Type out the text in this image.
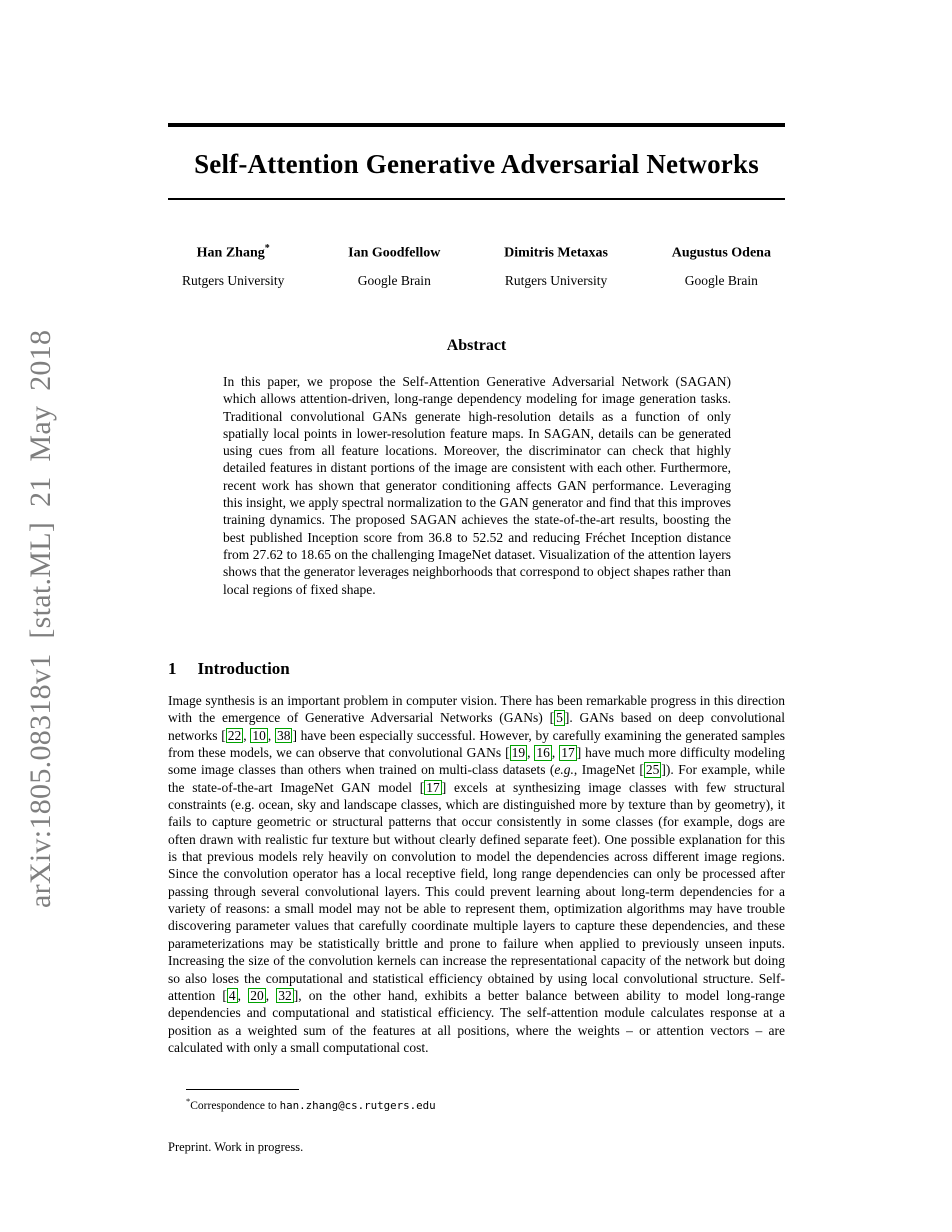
arXiv:1805.08318v1 [stat.ML] 21 May 2018
Self-Attention Generative Adversarial Networks
Han Zhang*
Rutgers University
Ian Goodfellow
Google Brain
Dimitris Metaxas
Rutgers University
Augustus Odena
Google Brain
Abstract
In this paper, we propose the Self-Attention Generative Adversarial Network (SAGAN) which allows attention-driven, long-range dependency modeling for image generation tasks. Traditional convolutional GANs generate high-resolution details as a function of only spatially local points in lower-resolution feature maps. In SAGAN, details can be generated using cues from all feature locations. Moreover, the discriminator can check that highly detailed features in distant portions of the image are consistent with each other. Furthermore, recent work has shown that generator conditioning affects GAN performance. Leveraging this insight, we apply spectral normalization to the GAN generator and find that this improves training dynamics. The proposed SAGAN achieves the state-of-the-art results, boosting the best published Inception score from 36.8 to 52.52 and reducing Fréchet Inception distance from 27.62 to 18.65 on the challenging ImageNet dataset. Visualization of the attention layers shows that the generator leverages neighborhoods that correspond to object shapes rather than local regions of fixed shape.
1 Introduction
Image synthesis is an important problem in computer vision. There has been remarkable progress in this direction with the emergence of Generative Adversarial Networks (GANs) [ 5 ]. GANs based on deep convolutional networks [ 22 , 10 , 38 ] have been especially successful. However, by carefully examining the generated samples from these models, we can observe that convolutional GANs [ 19 , 16 , 17 ] have much more difficulty modeling some image classes than others when trained on multi-class datasets (e.g., ImageNet [ 25 ]). For example, while the state-of-the-art ImageNet GAN model [ 17 ] excels at synthesizing image classes with few structural constraints (e.g. ocean, sky and landscape classes, which are distinguished more by texture than by geometry), it fails to capture geometric or structural patterns that occur consistently in some classes (for example, dogs are often drawn with realistic fur texture but without clearly defined separate feet). One possible explanation for this is that previous models rely heavily on convolution to model the dependencies across different image regions. Since the convolution operator has a local receptive field, long range dependencies can only be processed after passing through several convolutional layers. This could prevent learning about long-term dependencies for a variety of reasons: a small model may not be able to represent them, optimization algorithms may have trouble discovering parameter values that carefully coordinate multiple layers to capture these dependencies, and these parameterizations may be statistically brittle and prone to failure when applied to previously unseen inputs. Increasing the size of the convolution kernels can increase the representational capacity of the network but doing so also loses the computational and statistical efficiency obtained by using local convolutional structure. Self-attention [ 4 , 20 , 32 ], on the other hand, exhibits a better balance between ability to model long-range dependencies and computational and statistical efficiency. The self-attention module calculates response at a position as a weighted sum of the features at all positions, where the weights – or attention vectors – are calculated with only a small computational cost.
*Correspondence to han.zhang@cs.rutgers.edu
Preprint. Work in progress.
